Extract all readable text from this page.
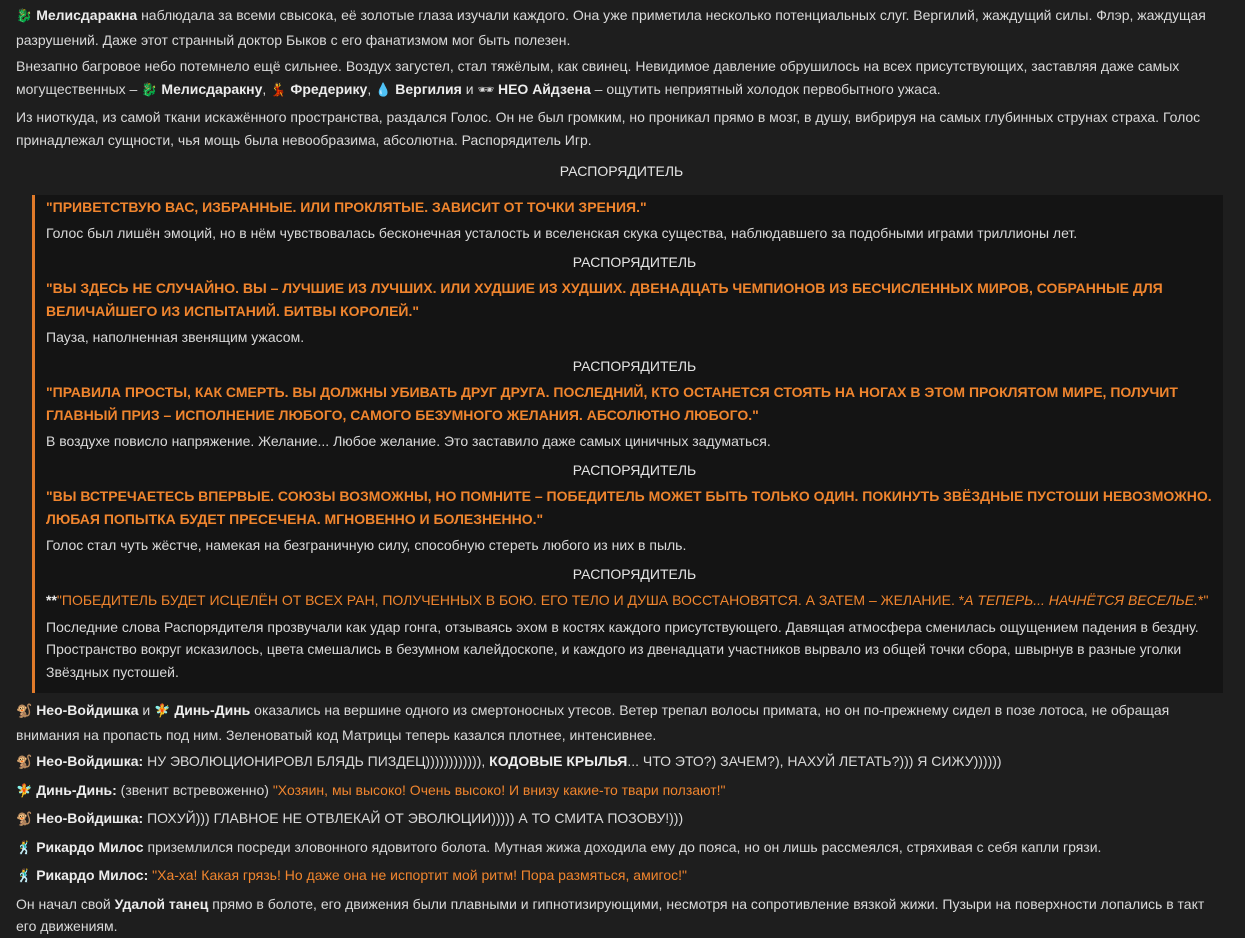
🐉 Мелисдаракна наблюдала за всеми свысока, её золотые глаза изучали каждого. Она уже приметила несколько потенциальных слуг. Вергилий, жаждущий силы. Флэр, жаждущая разрушений. Даже этот странный доктор Быков с его фанатизмом мог быть полезен.

Внезапно багровое небо потемнело ещё сильнее. Воздух загустел, стал тяжёлым, как свинец. Невидимое давление обрушилось на всех присутствующих, заставляя даже самых могущественных – 🐉 Мелисдаракну, 💃 Фредерику, 💧 Вергилия и 🕶 НЕО Айдзена – ощутить неприятный холодок первобытного ужаса.

Из ниоткуда, из самой ткани искажённого пространства, раздался Голос. Он не был громким, но проникал прямо в мозг, в душу, вибрируя на самых глубинных струнах страха. Голос принадлежал сущности, чья мощь была невообразима, абсолютна. Распорядитель Игр.

РАСПОРЯДИТЕЛЬ

"ПРИВЕТСТВУЮ ВАС, ИЗБРАННЫЕ. ИЛИ ПРОКЛЯТЫЕ. ЗАВИСИТ ОТ ТОЧКИ ЗРЕНИЯ."

Голос был лишён эмоций, но в нём чувствовалась бесконечная усталость и вселенская скука существа, наблюдавшего за подобными играми триллионы лет.

РАСПОРЯДИТЕЛЬ

"ВЫ ЗДЕСЬ НЕ СЛУЧАЙНО. ВЫ – ЛУЧШИЕ ИЗ ЛУЧШИХ. ИЛИ ХУДШИЕ ИЗ ХУДШИХ. ДВЕНАДЦАТЬ ЧЕМПИОНОВ ИЗ БЕСЧИСЛЕННЫХ МИРОВ, СОБРАННЫЕ ДЛЯ ВЕЛИЧАЙШЕГО ИЗ ИСПЫТАНИЙ. БИТВЫ КОРОЛЕЙ."

Пауза, наполненная звенящим ужасом.

РАСПОРЯДИТЕЛЬ

"ПРАВИЛА ПРОСТЫ, КАК СМЕРТЬ. ВЫ ДОЛЖНЫ УБИВАТЬ ДРУГ ДРУГА. ПОСЛЕДНИЙ, КТО ОСТАНЕТСЯ СТОЯТЬ НА НОГАХ В ЭТОМ ПРОКЛЯТОМ МИРЕ, ПОЛУЧИТ ГЛАВНЫЙ ПРИЗ – ИСПОЛНЕНИЕ ЛЮБОГО, САМОГО БЕЗУМНОГО ЖЕЛАНИЯ. АБСОЛЮТНО ЛЮБОГО."

В воздухе повисло напряжение. Желание... Любое желание. Это заставило даже самых циничных задуматься.

РАСПОРЯДИТЕЛЬ

"ВЫ ВСТРЕЧАЕТЕСЬ ВПЕРВЫЕ. СОЮЗЫ ВОЗМОЖНЫ, НО ПОМНИТЕ – ПОБЕДИТЕЛЬ МОЖЕТ БЫТЬ ТОЛЬКО ОДИН. ПОКИНУТЬ ЗВЁЗДНЫЕ ПУСТОШИ НЕВОЗМОЖНО. ЛЮБАЯ ПОПЫТКА БУДЕТ ПРЕСЕЧЕНА. МГНОВЕННО И БОЛЕЗНЕННО."

Голос стал чуть жёстче, намекая на безграничную силу, способную стереть любого из них в пыль.

РАСПОРЯДИТЕЛЬ

**"ПОБЕДИТЕЛЬ БУДЕТ ИСЦЕЛЁН ОТ ВСЕХ РАН, ПОЛУЧЕННЫХ В БОЮ. ЕГО ТЕЛО И ДУША ВОССТАНОВЯТСЯ. А ЗАТЕМ – ЖЕЛАНИЕ. *А ТЕПЕРЬ... НАЧНЁТСЯ ВЕСЕЛЬЕ.*"

Последние слова Распорядителя прозвучали как удар гонга, отзываясь эхом в костях каждого присутствующего. Давящая атмосфера сменилась ощущением падения в бездну. Пространство вокруг исказилось, цвета смешались в безумном калейдоскопе, и каждого из двенадцати участников вырвало из общей точки сбора, швырнув в разные уголки Звёздных пустошей.

🐒 Нео-Войдишка и 🧚 Динь-Динь оказались на вершине одного из смертоносных утесов. Ветер трепал волосы примата, но он по-прежнему сидел в позе лотоса, не обращая внимания на пропасть под ним. Зеленоватый код Матрицы теперь казался плотнее, интенсивнее.

🐒 Нео-Войдишка: НУ ЭВОЛЮЦИОНИРОВЛ БЛЯДЬ ПИЗДЕЦ)))))))))))), КОДОВЫЕ КРЫЛЬЯ... ЧТО ЭТО?) ЗАЧЕМ?), НАХУЙ ЛЕТАТЬ?))) Я СИЖУ))))))

🧚 Динь-Динь: (звенит встревоженно) "Хозяин, мы высоко! Очень высоко! И внизу какие-то твари ползают!"

🐒 Нео-Войдишка: ПОХУЙ))) ГЛАВНОЕ НЕ ОТВЛЕКАЙ ОТ ЭВОЛЮЦИИ))))) А ТО СМИТА ПОЗОВУ!)))

🕺 Рикардо Милос приземлился посреди зловонного ядовитого болота. Мутная жижа доходила ему до пояса, но он лишь рассмеялся, стряхивая с себя капли грязи.

🕺 Рикардо Милос: "Ха-ха! Какая грязь! Но даже она не испортит мой ритм! Пора размяться, амигос!"

Он начал свой Удалой танец прямо в болоте, его движения были плавными и гипнотизирующими, несмотря на сопротивление вязкой жижи. Пузыри на поверхности лопались в такт его движениям.
